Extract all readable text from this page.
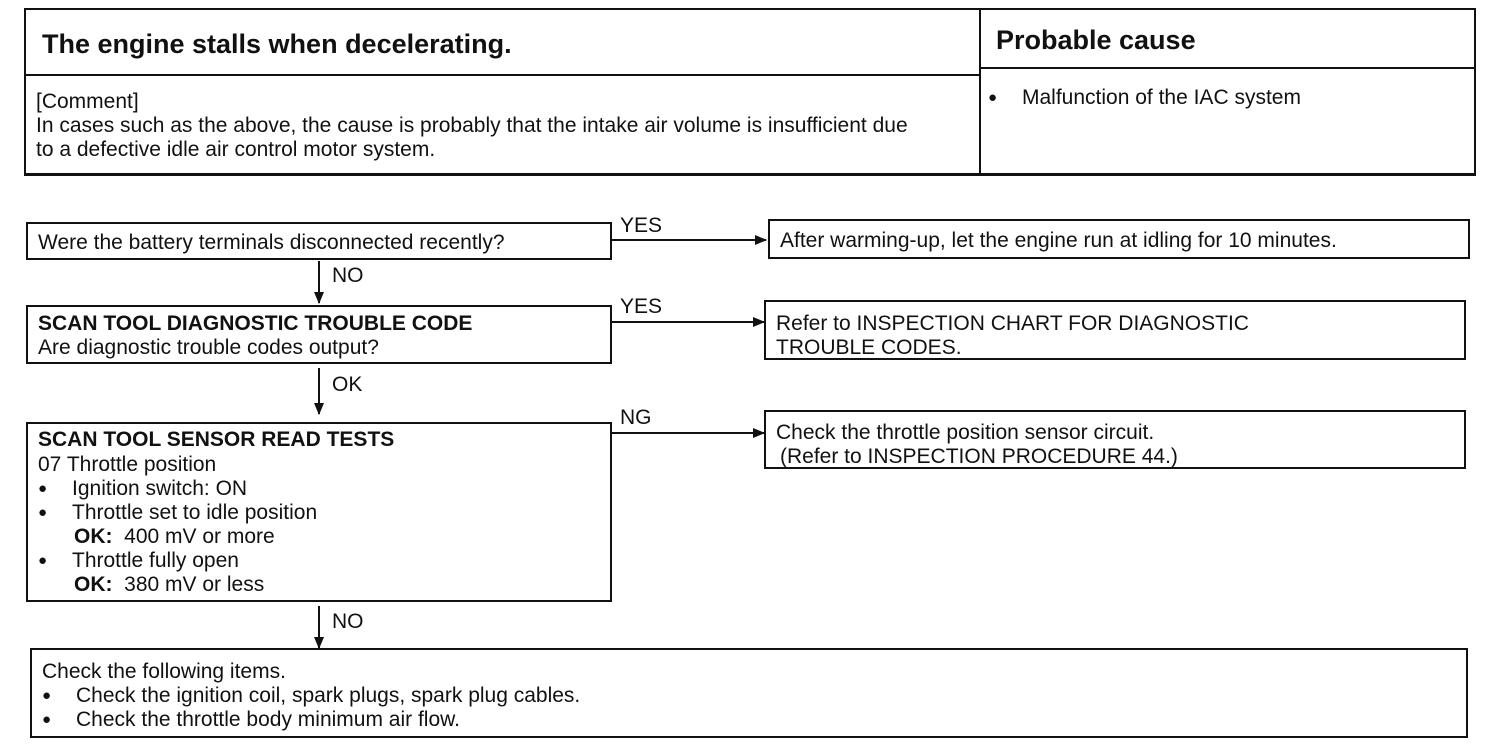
The engine stalls when decelerating.	Probable cause
[Comment]
In cases such as the above, the cause is probably that the intake air volume is insufficient due
to a defective idle air control motor system.
●Malfunction of the IAC system
Were the battery terminals disconnected recently?
YES
NO
After warming-up, let the engine run at idling for 10 minutes.
SCAN TOOL DIAGNOSTIC TROUBLE CODE
Are diagnostic trouble codes output?
YES
OK
Refer to INSPECTION CHART FOR DIAGNOSTIC
TROUBLE CODES.
SCAN TOOL SENSOR READ TESTS
07 Throttle position
●Ignition switch: ON
●Throttle set to idle position
OK: 400 mV or more
●Throttle fully open
OK: 380 mV or less
NG
NO
Check the throttle position sensor circuit.
(Refer to INSPECTION PROCEDURE 44.)
Check the following items.
●Check the ignition coil, spark plugs, spark plug cables.
●Check the throttle body minimum air flow.
